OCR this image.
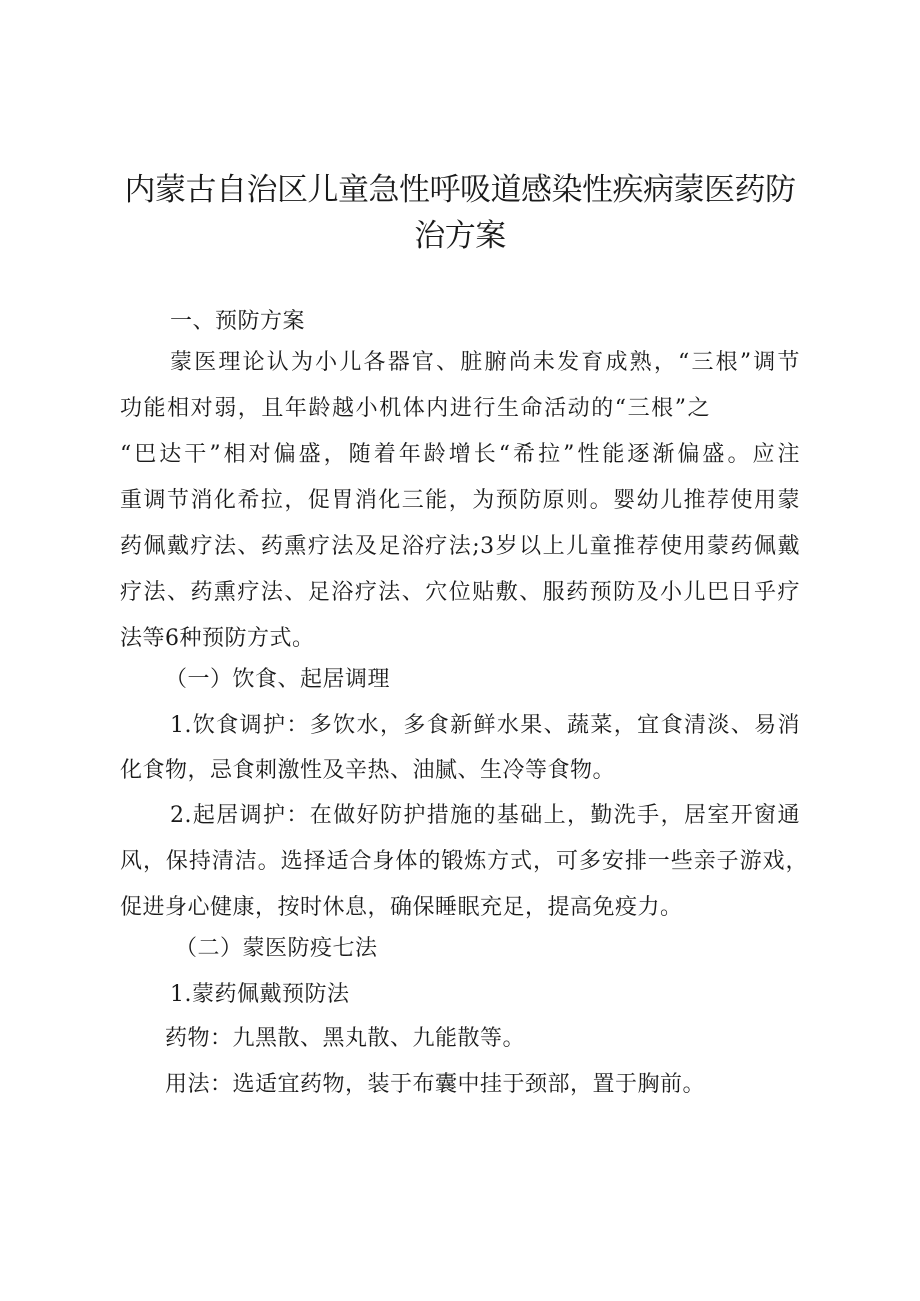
内蒙古自治区儿童急性呼吸道感染性疾病蒙医药防
治方案
一、预防方案
蒙医理论认为小儿各器官、脏腑尚未发育成熟，“三根”调节
功能相对弱，且年龄越小机体内进行生命活动的“三根”之
“巴达干”相对偏盛，随着年龄增长“希拉”性能逐渐偏盛。应注
重调节消化希拉，促胃消化三能，为预防原则。婴幼儿推荐使用蒙
药佩戴疗法、药熏疗法及足浴疗法;3岁以上儿童推荐使用蒙药佩戴
疗法、药熏疗法、足浴疗法、穴位贴敷、服药预防及小儿巴日乎疗
法等6种预防方式。
（一）饮食、起居调理
1.饮食调护：多饮水，多食新鲜水果、蔬菜，宜食清淡、易消
化食物，忌食刺激性及辛热、油腻、生冷等食物。
2.起居调护：在做好防护措施的基础上，勤洗手，居室开窗通
风，保持清洁。选择适合身体的锻炼方式，可多安排一些亲子游戏，
促进身心健康，按时休息，确保睡眠充足，提高免疫力。
（二）蒙医防疫七法
1.蒙药佩戴预防法
药物：九黑散、黑丸散、九能散等。
用法：选适宜药物，装于布囊中挂于颈部，置于胸前。
